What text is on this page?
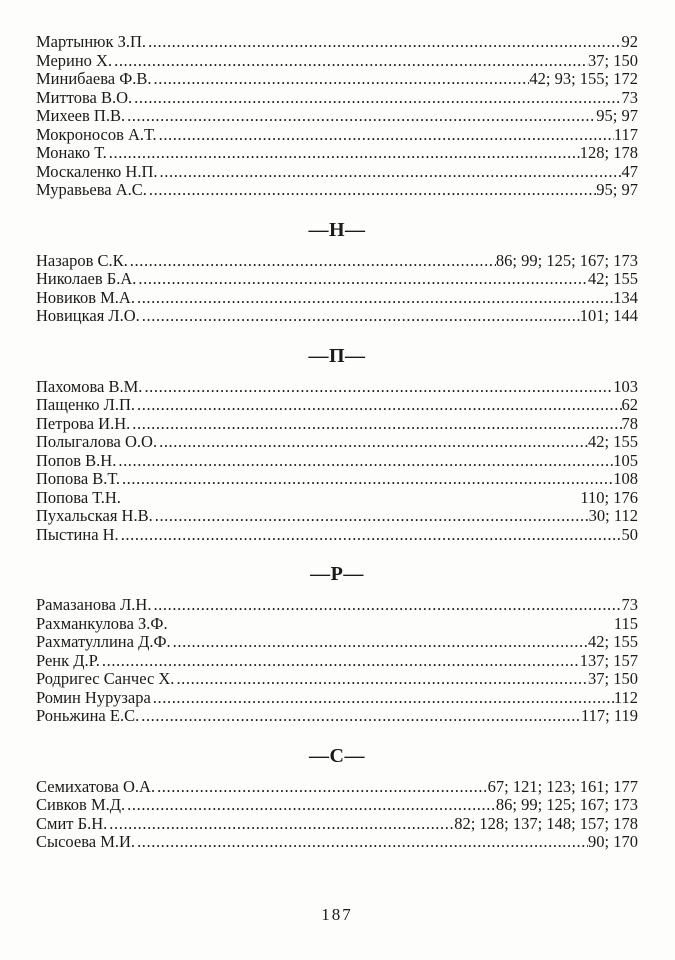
Мартынюк З.П. .....	92
Мерино Х. .....	37; 150
Минибаева Ф.В. .....	42; 93; 155; 172
Миттова В.О. .....	73
Михеев П.В. .....	95; 97
Мокроносов А.Т. .....	117
Монако Т. .....	128; 178
Москаленко Н.П. .....	47
Муравьева А.С. .....	95; 97
—Н—
Назаров С.К. .....	86; 99; 125; 167; 173
Николаев Б.А. .....	42; 155
Новиков М.А. .....	134
Новицкая Л.О. .....	101; 144
—П—
Пахомова В.М. .....	103
Пащенко Л.П. .....	62
Петрова И.Н. .....	78
Полыгалова О.О. .....	42; 155
Попов В.Н. .....	105
Попова В.Т. .....	108
Попова Т.Н.	110; 176
Пухальская Н.В. .....	30; 112
Пыстина Н. .....	50
—Р—
Рамазанова Л.Н. .....	73
Рахманкулова З.Ф.	115
Рахматуллина Д.Ф. .....	42; 155
Ренк Д.Р. .....	137; 157
Родригес Санчес Х. .....	37; 150
Ромин Нурузара .....	112
Роньжина Е.С. .....	117; 119
—С—
Семихатова О.А. .....	67; 121; 123; 161; 177
Сивков М.Д. .....	86; 99; 125; 167; 173
Смит Б.Н. .....	82; 128; 137; 148; 157; 178
Сысоева М.И. .....	90; 170
187
